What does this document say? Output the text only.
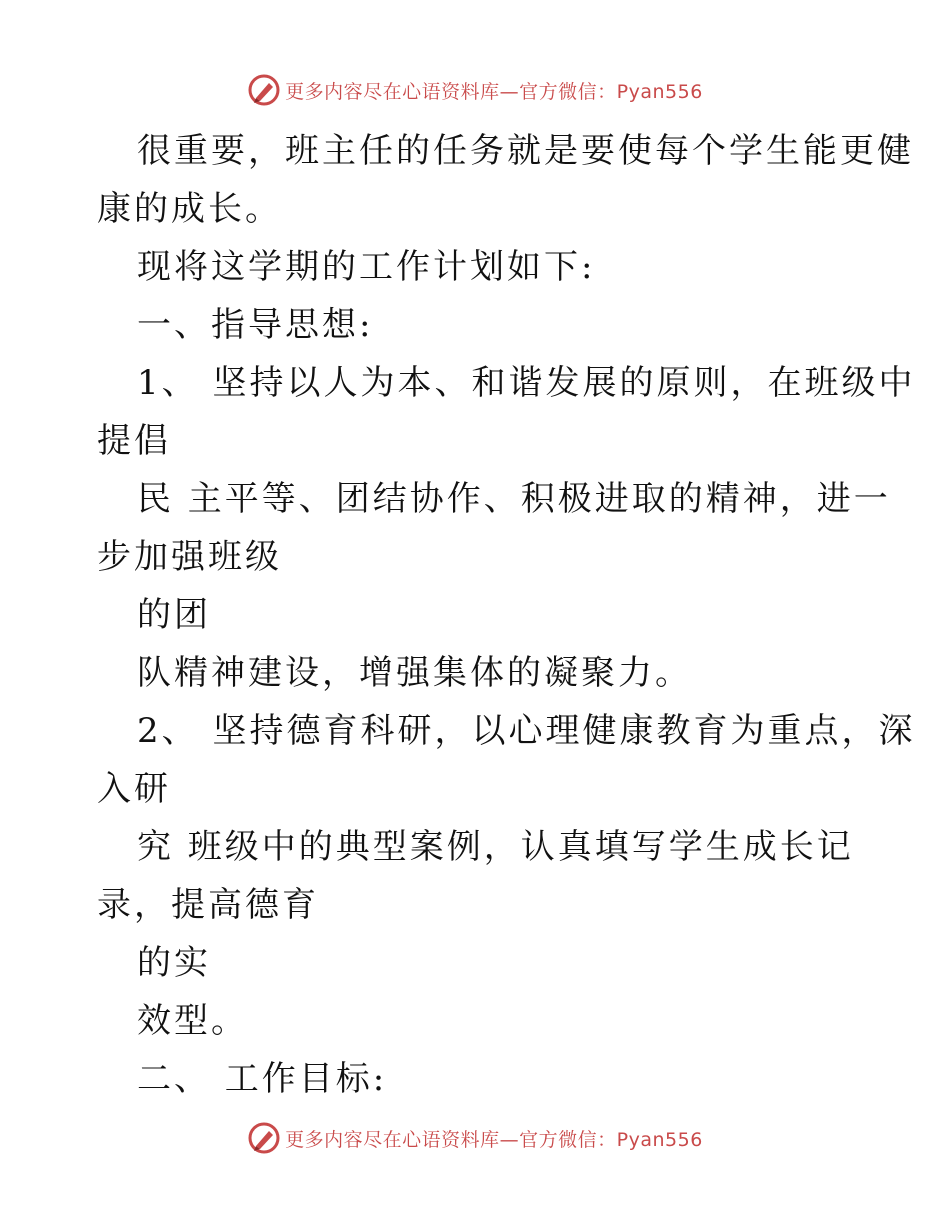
更多内容尽在心语资料库—官方微信：Pyan556
很重要，班主任的任务就是要使每个学生能更健
康的成长。
现将这学期的工作计划如下:
一、指导思想:
1、 坚持以人为本、和谐发展的原则，在班级中
提倡
民 主平等、团结协作、积极进取的精神，进一
步加强班级
的团
队精神建设，增强集体的凝聚力。
2、 坚持德育科研，以心理健康教育为重点，深
入研
究 班级中的典型案例，认真填写学生成长记
录，提高德育
的实
效型。
二、 工作目标:
更多内容尽在心语资料库—官方微信：Pyan556
